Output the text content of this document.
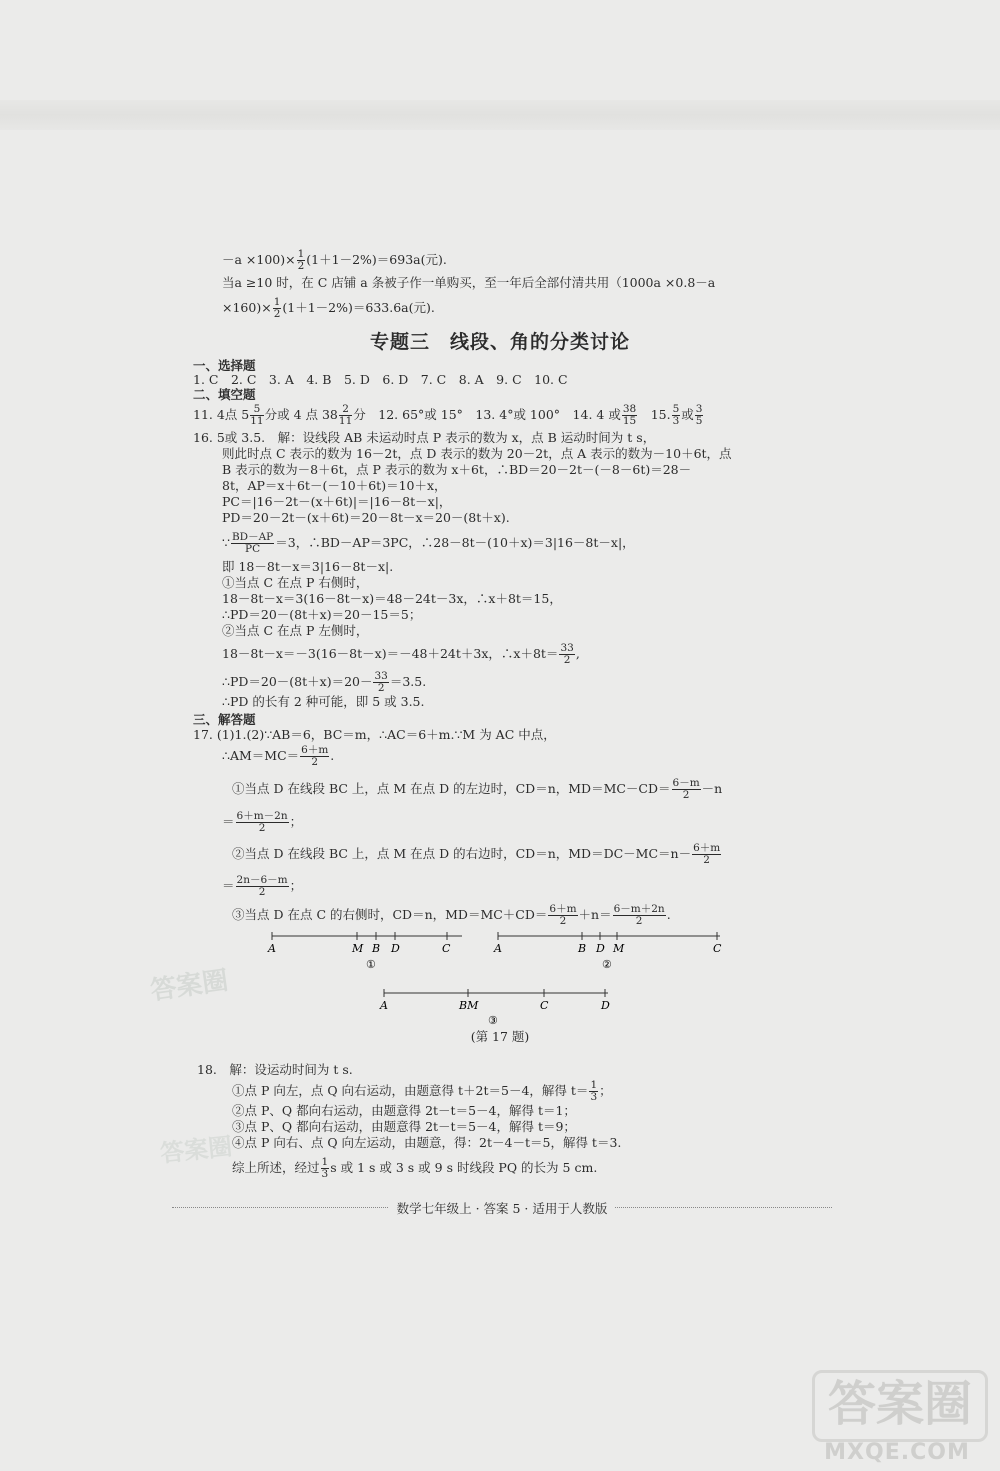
$-a \times 100)\times \frac{1}{2} (1+1-2\%)=693a$(元).
当a ≥10 时，在 C 店铺 a 条被子作一单购买，至一年后全部付清共用（1000a ×0.8－a
$\times 160)\times \frac{1}{2} (1+1-2\%)=633.6a$(元).
专题三　线段、角的分类讨论
一、选择题
1. C　2. C　3. A　4. B　5. D　6. D　7. C　8. A　9. C　10. C
二、填空题
11. 4点 $5 \frac{5}{11}$ 分或 4 点 $38 \frac{2}{11}$ 分　12. 65°或 15°　13. 4°或 100°　14. 4 或 $\frac{38}{15}$ 　15. $\frac{5}{3}$ 或 $\frac{3}{5}$
16. 5或 3.5.　解：设线段 AB 未运动时点 P 表示的数为 x，点 B 运动时间为 t s，
则此时点 C 表示的数为 16－2t，点 D 表示的数为 20－2t，点 A 表示的数为－10＋6t，点
B 表示的数为－8＋6t，点 P 表示的数为 x＋6t，∴BD＝20－2t－(－8－6t)＝28－
8t，AP＝x＋6t－(－10＋6t)＝10＋x，
PC＝|16－2t－(x＋6t)|＝|16－8t－x|，
PD＝20－2t－(x＋6t)＝20－8t－x＝20－(8t＋x).
∵ $\frac{BD-AP}{PC} =3$，∴BD－AP＝3PC，∴28－8t－(10＋x)＝3|16－8t－x|，
即 18－8t－x＝3|16－8t－x|.
①当点 C 在点 P 右侧时，
18－8t－x＝3(16－8t－x)＝48－24t－3x，∴x＋8t＝15，
∴PD＝20－(8t＋x)＝20－15＝5；
②当点 C 在点 P 左侧时，
18－8t－x＝－3(16－8t－x)＝－48＋24t＋3x，∴x＋8t＝ $\frac{33}{2}$ ,
∴PD＝20－(8t＋x)＝20－ $\frac{33}{2} =3.5$.
∴PD 的长有 2 种可能，即 5 或 3.5.
三、解答题
17. (1)1.(2)∵AB＝6，BC＝m，∴AC＝6＋m.∵M 为 AC 中点，
∴AM＝MC＝ $\frac{6+m}{2}$ .
①当点 D 在线段 BC 上，点 M 在点 D 的左边时，CD＝n，$MD=MC-CD= \frac{6-m}{2} -n$
＝ $\frac{6+m-2n}{2}$ ；
②当点 D 在线段 BC 上，点 M 在点 D 的右边时，CD＝n，$MD=DC-MC=n- \frac{6+m}{2}$
＝ $\frac{2n-6-m}{2}$ ；
③当点 D 在点 C 的右侧时，CD＝n，$MD=MC+CD= \frac{6+m}{2} +n= \frac{6-m+2n}{2}$ .
A	M B D	C
①
A	B D M	C
②
A	BM	C	D
③
(第 17 题)
18.　解：设运动时间为 t s.
①点 P 向左，点 Q 向右运动，由题意得 t＋2t＝5－4，解得 $t= \frac{1}{3}$ ；
②点 P、Q 都向右运动，由题意得 2t－t＝5－4，解得 t＝1；
③点 P、Q 都向右运动，由题意得 2t－t＝5－4，解得 t＝9；
④点 P 向右、点 Q 向左运动，由题意，得：2t－4－t＝5，解得 t＝3.
综上所述，经过 $\frac{1}{3}$ s 或 1 s 或 3 s 或 9 s 时线段 PQ 的长为 5 cm.
答案圈
答案圈
数学七年级上 · 答案 5 · 适用于人教版
答案圈
MXQE.COM
